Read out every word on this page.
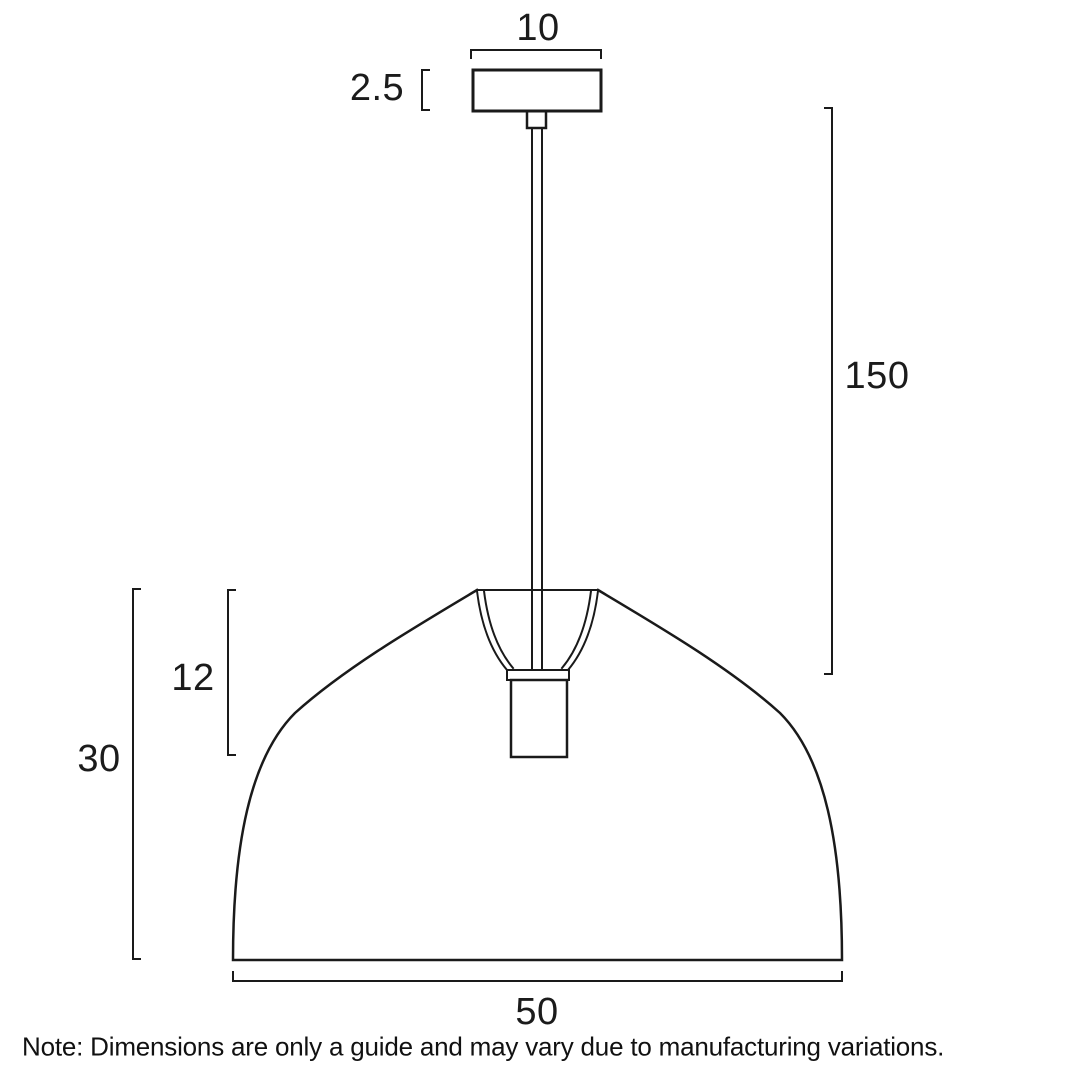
10
2.5
150
12
30
50
Note: Dimensions are only a guide and may vary due to manufacturing variations.
